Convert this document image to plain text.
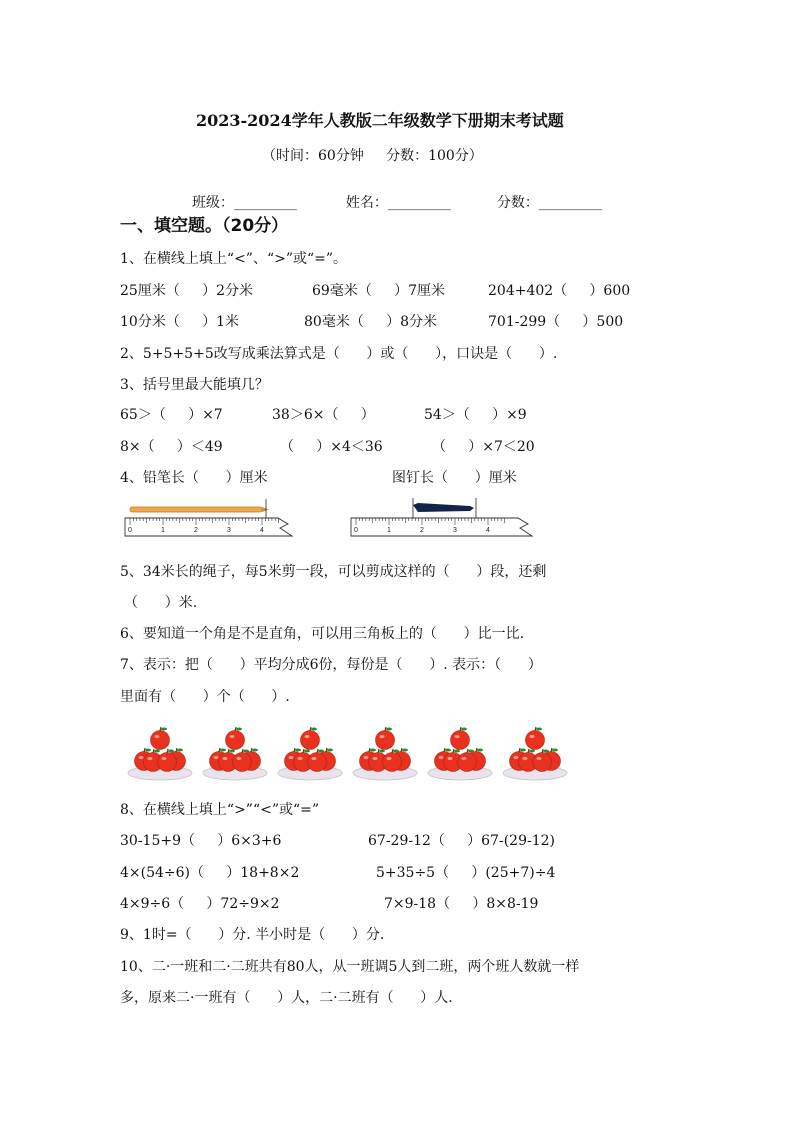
2023-2024学年人教版二年级数学下册期末考试题
（时间：60分钟     分数：100分）

班级：_________	姓名：_________	分数：_________

一、填空题。（20分）
1、在横线上填上“<”、“>”或“=”。
25厘米（     ）2分米	69毫米（     ）7厘米	204+402（     ）600
10分米（     ）1米	80毫米（     ）8分米	701-299（     ）500
2、5+5+5+5改写成乘法算式是（      ）或（      ），口诀是（      ）.
3、括号里最大能填几？
65＞（     ）×7	38＞6×（     ）	54＞（     ）×9
8×（     ）＜49	（     ）×4＜36	（     ）×7＜20
4、铅笔长（      ）厘米	图钉长（      ）厘米
0	1	2	3	4	0	1	2	3	4
5、34米长的绳子，每5米剪一段，可以剪成这样的（      ）段，还剩
（      ）米.
6、要知道一个角是不是直角，可以用三角板上的（      ）比一比.
7、表示：把（      ）平均分成6份，每份是（      ）. 表示：（      ）
里面有（      ）个（      ）.
8、在横线上填上“>”“<”或“=”
30-15+9（     ）6×3+6	67-29-12（     ）67-(29-12)
4×(54÷6)（     ）18+8×2	5+35÷5（     ）(25+7)÷4
4×9÷6（     ）72÷9×2	7×9-18（     ）8×8-19
9、1时=（      ）分. 半小时是（      ）分.
10、二·一班和二·二班共有80人，从一班调5人到二班，两个班人数就一样
多，原来二·一班有（      ）人，二·二班有（      ）人.
